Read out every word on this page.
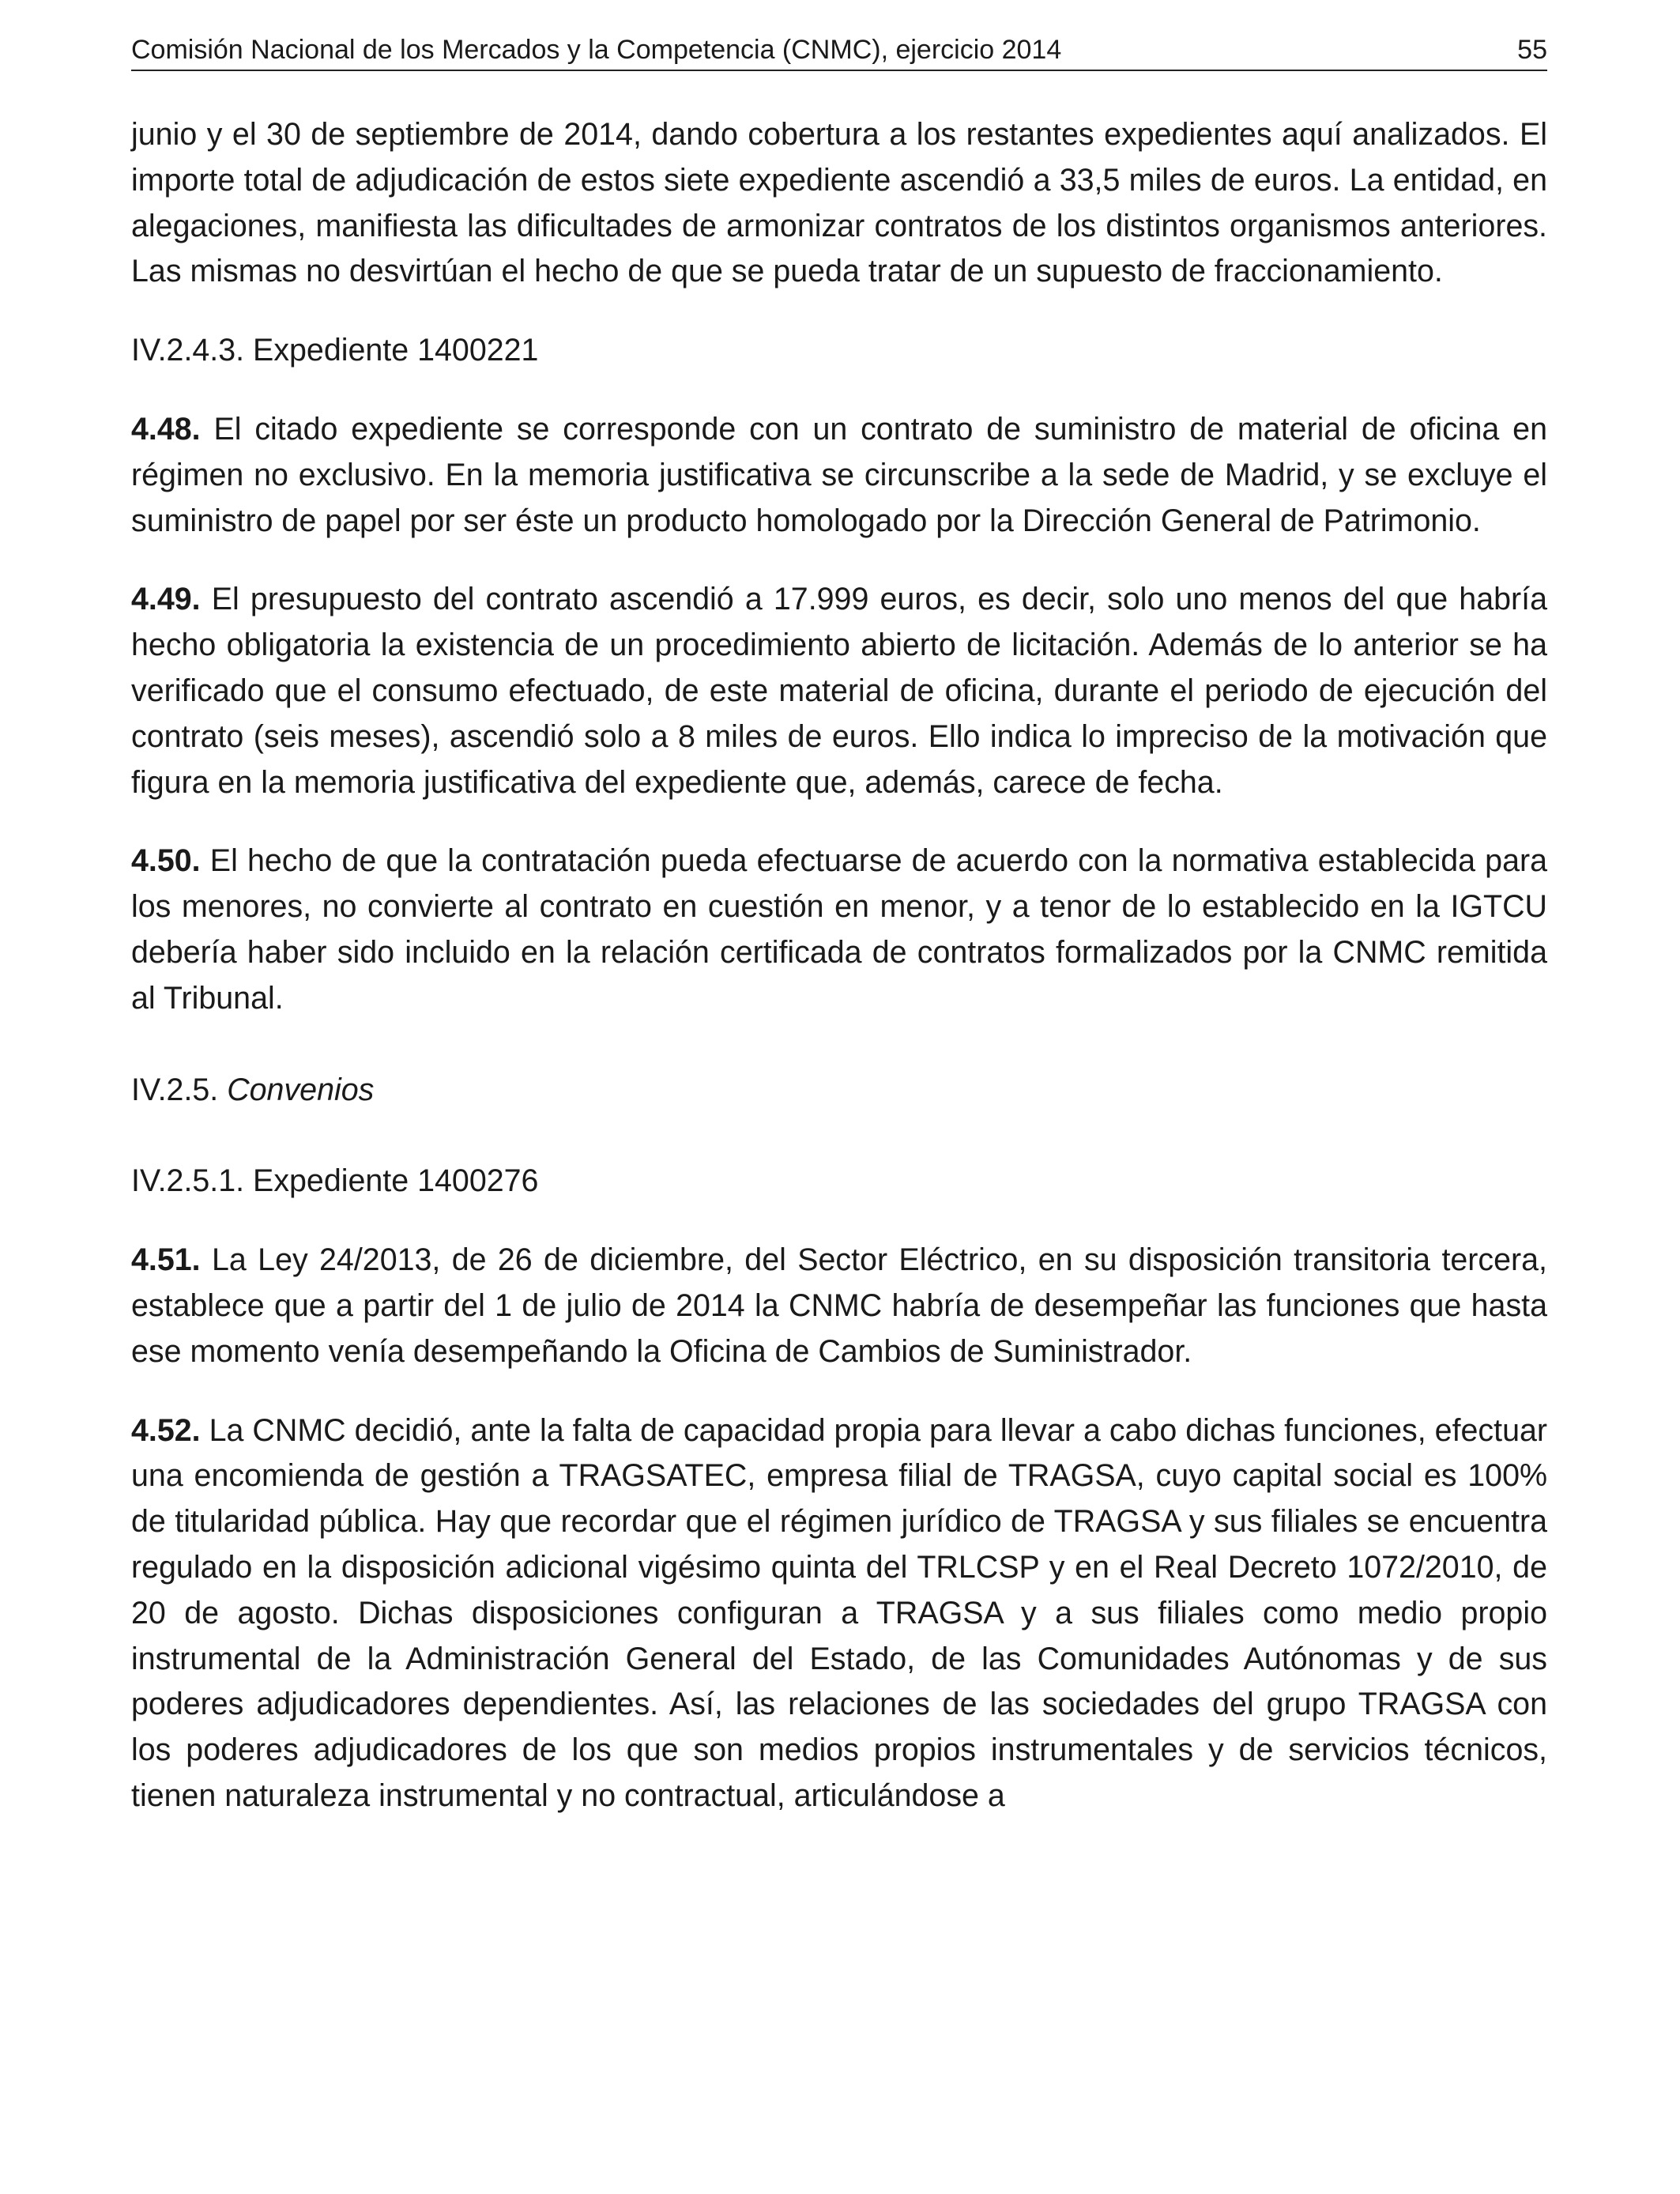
Comisión Nacional de los Mercados y la Competencia (CNMC), ejercicio 2014	55

junio y el 30 de septiembre de 2014, dando cobertura a los restantes expedientes aquí analizados. El importe total de adjudicación de estos siete expediente ascendió a 33,5 miles de euros. La entidad, en alegaciones, manifiesta las dificultades de armonizar contratos de los distintos organismos anteriores. Las mismas no desvirtúan el hecho de que se pueda tratar de un supuesto de fraccionamiento.

IV.2.4.3. Expediente 1400221

4.48. El citado expediente se corresponde con un contrato de suministro de material de oficina en régimen no exclusivo. En la memoria justificativa se circunscribe a la sede de Madrid, y se excluye el suministro de papel por ser éste un producto homologado por la Dirección General de Patrimonio.

4.49. El presupuesto del contrato ascendió a 17.999 euros, es decir, solo uno menos del que habría hecho obligatoria la existencia de un procedimiento abierto de licitación. Además de lo anterior se ha verificado que el consumo efectuado, de este material de oficina, durante el periodo de ejecución del contrato (seis meses), ascendió solo a 8 miles de euros. Ello indica lo impreciso de la motivación que figura en la memoria justificativa del expediente que, además, carece de fecha.

4.50. El hecho de que la contratación pueda efectuarse de acuerdo con la normativa establecida para los menores, no convierte al contrato en cuestión en menor, y a tenor de lo establecido en la IGTCU debería haber sido incluido en la relación certificada de contratos formalizados por la CNMC remitida al Tribunal.

IV.2.5. Convenios

IV.2.5.1. Expediente 1400276

4.51. La Ley 24/2013, de 26 de diciembre, del Sector Eléctrico, en su disposición transitoria tercera, establece que a partir del 1 de julio de 2014 la CNMC habría de desempeñar las funciones que hasta ese momento venía desempeñando la Oficina de Cambios de Suministrador.

4.52. La CNMC decidió, ante la falta de capacidad propia para llevar a cabo dichas funciones, efectuar una encomienda de gestión a TRAGSATEC, empresa filial de TRAGSA, cuyo capital social es 100% de titularidad pública. Hay que recordar que el régimen jurídico de TRAGSA y sus filiales se encuentra regulado en la disposición adicional vigésimo quinta del TRLCSP y en el Real Decreto 1072/2010, de 20 de agosto. Dichas disposiciones configuran a TRAGSA y a sus filiales como medio propio instrumental de la Administración General del Estado, de las Comunidades Autónomas y de sus poderes adjudicadores dependientes. Así, las relaciones de las sociedades del grupo TRAGSA con los poderes adjudicadores de los que son medios propios instrumentales y de servicios técnicos, tienen naturaleza instrumental y no contractual, articulándose a
